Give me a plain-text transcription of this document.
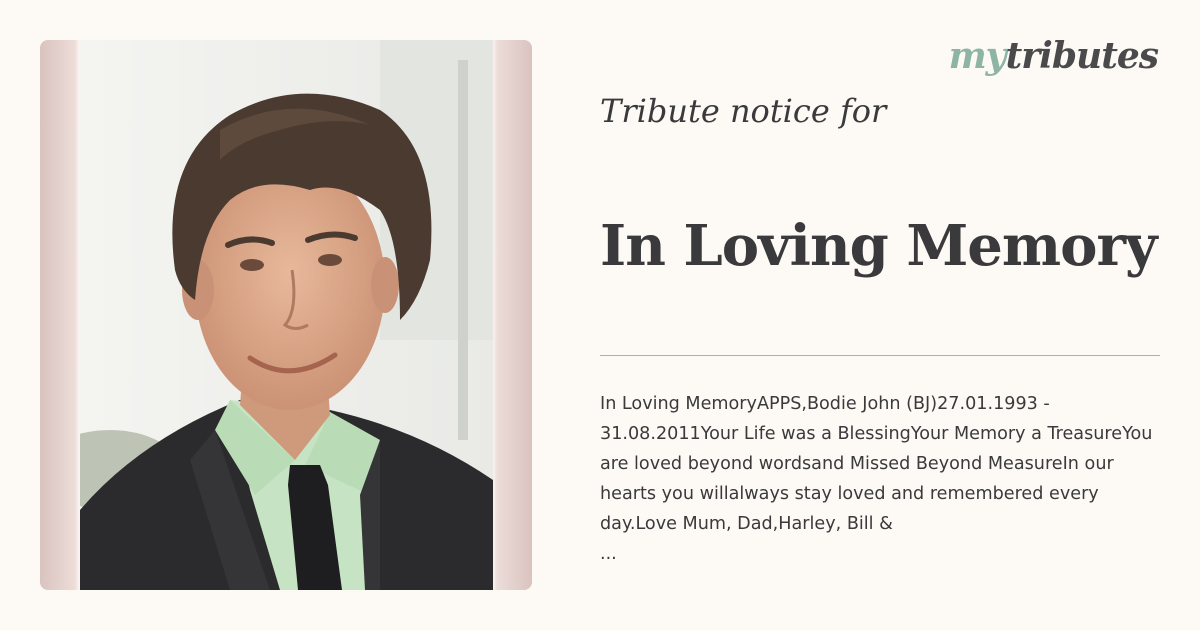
mytributes
Tribute notice for
In Loving Memory
In Loving MemoryAPPS,Bodie John (BJ)27.01.1993 - 31.08.2011Your Life was a BlessingYour Memory a TreasureYou are loved beyond wordsand Missed Beyond MeasureIn our hearts you willalways stay loved and remembered every day.Love Mum, Dad,Harley, Bill &
...
